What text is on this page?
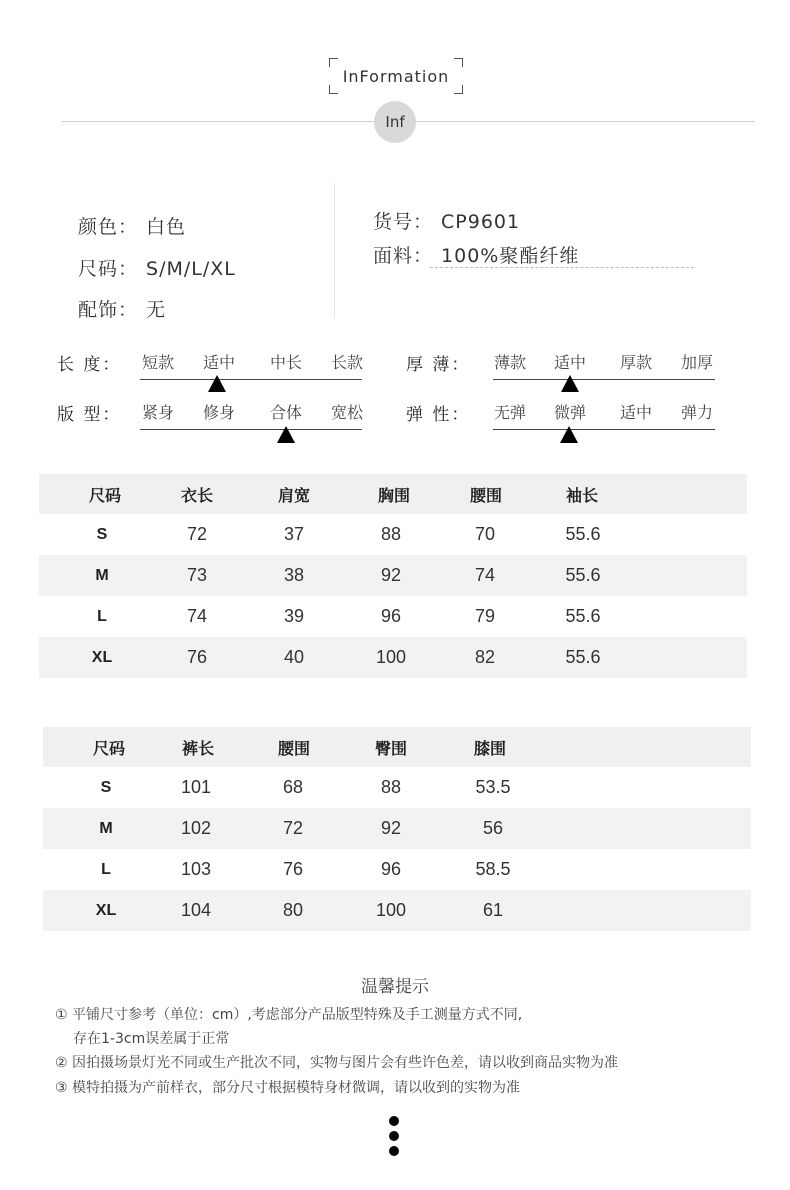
InFormation
Inf
颜色： 白色
尺码： S/M/L/XL
配饰： 无
货号： CP9601
面料： 100%聚酯纤维
长 度： 短款 适中 中长 长款	厚 薄： 薄款 适中 厚款 加厚
版 型： 紧身 修身 合体 宽松	弹 性： 无弹 微弹 适中 弹力
尺码	衣长	肩宽	胸围	腰围	袖长
S	72	37	88	70	55.6
M	73	38	92	74	55.6
L	74	39	96	79	55.6
XL	76	40	100	82	55.6
尺码	裤长	腰围	臀围	膝围
S	101	68	88	53.5
M	102	72	92	56
L	103	76	96	58.5
XL	104	80	100	61
温馨提示
① 平铺尺寸参考（单位：cm）,考虑部分产品版型特殊及手工测量方式不同,
存在1-3cm误差属于正常
② 因拍摄场景灯光不同或生产批次不同，实物与图片会有些许色差，请以收到商品实物为准
③ 模特拍摄为产前样衣，部分尺寸根据模特身材微调，请以收到的实物为准
